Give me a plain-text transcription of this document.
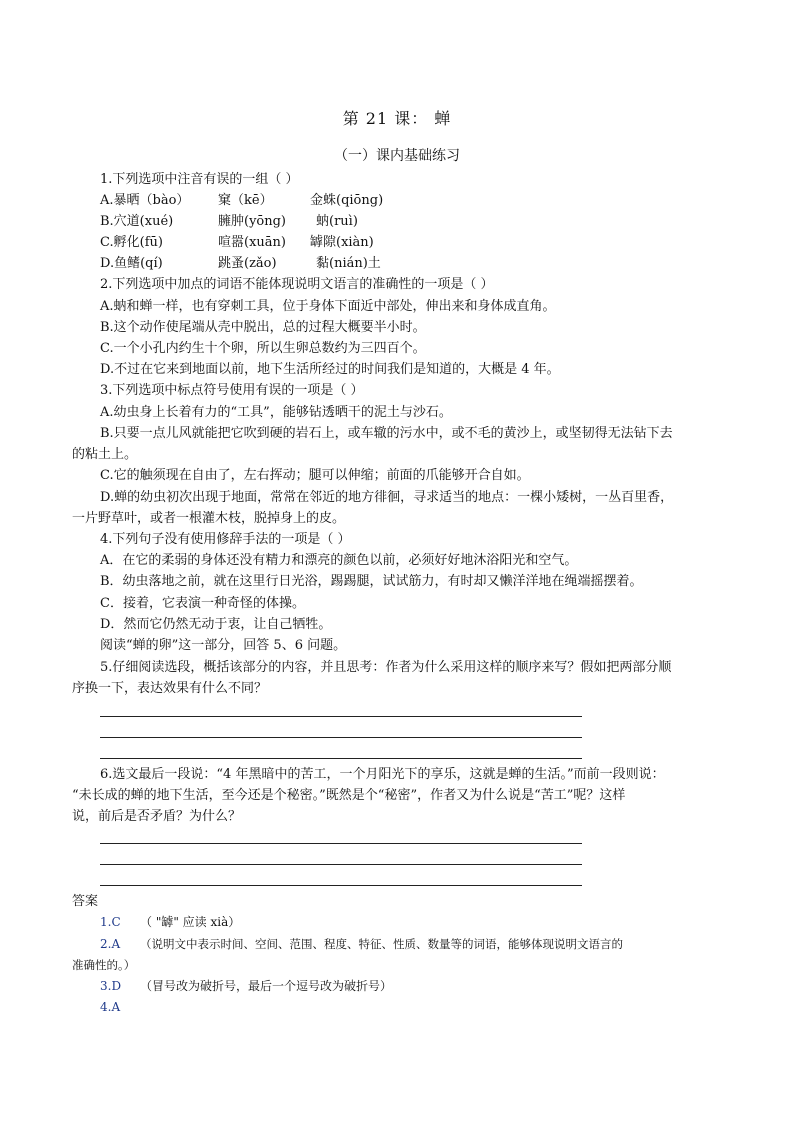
第 21 课： 蝉
（一）课内基础练习
1.下列选项中注音有误的一组（ ）
A.暴晒（bào） 窠（kē）	金蛛(qiōng)
B.穴道(xué)	臃肿(yōng) 蚋(ruì)
C.孵化(fū)	喧嚣(xuān) 罅隙(xiàn)
D.鱼鳍(qí)	跳蚤(zǎo)	黏(nián)土
2.下列选项中加点的词语不能体现说明文语言的准确性的一项是（ ）
A.蚋和蝉一样，也有穿刺工具，位于身体下面近中部处，伸出来和身体成直角。
B.这个动作使尾端从壳中脱出，总的过程大概要半小时。
C.一个小孔内约生十个卵，所以生卵总数约为三四百个。
D.不过在它来到地面以前，地下生活所经过的时间我们是知道的，大概是 4 年。
3.下列选项中标点符号使用有误的一项是（ ）
A.幼虫身上长着有力的“工具”，能够钻透晒干的泥土与沙石。
B.只要一点儿风就能把它吹到硬的岩石上，或车辙的污水中，或不毛的黄沙上，或坚韧得无法钻下去
的粘土上。
C.它的触须现在自由了，左右挥动；腿可以伸缩；前面的爪能够开合自如。
D.蝉的幼虫初次出现于地面，常常在邻近的地方徘徊，寻求适当的地点：一棵小矮树，一丛百里香，
一片野草叶，或者一根灌木枝，脱掉身上的皮。
4.下列句子没有使用修辞手法的一项是（ ）
A．在它的柔弱的身体还没有精力和漂亮的颜色以前，必须好好地沐浴阳光和空气。
B．幼虫落地之前，就在这里行日光浴，踢踢腿，试试筋力，有时却又懒洋洋地在绳端摇摆着。
C．接着，它表演一种奇怪的体操。
D．然而它仍然无动于衷，让自己牺牲。
阅读“蝉的卵”这一部分，回答 5、6 问题。
5.仔细阅读选段，概括该部分的内容，并且思考：作者为什么采用这样的顺序来写？假如把两部分顺
序换一下，表达效果有什么不同？
6.选文最后一段说：“4 年黑暗中的苦工，一个月阳光下的享乐，这就是蝉的生活。”而前一段则说：
“未长成的蝉的地下生活，至今还是个秘密。”既然是个“秘密”，作者又为什么说是“苦工”呢？这样
说，前后是否矛盾？为什么？
答案
1.C （ "罅" 应读 xià）
2.A （说明文中表示时间、空间、范围、程度、特征、性质、数量等的词语，能够体现说明文语言的
准确性的。）
3.D （冒号改为破折号，最后一个逗号改为破折号）
4.A
